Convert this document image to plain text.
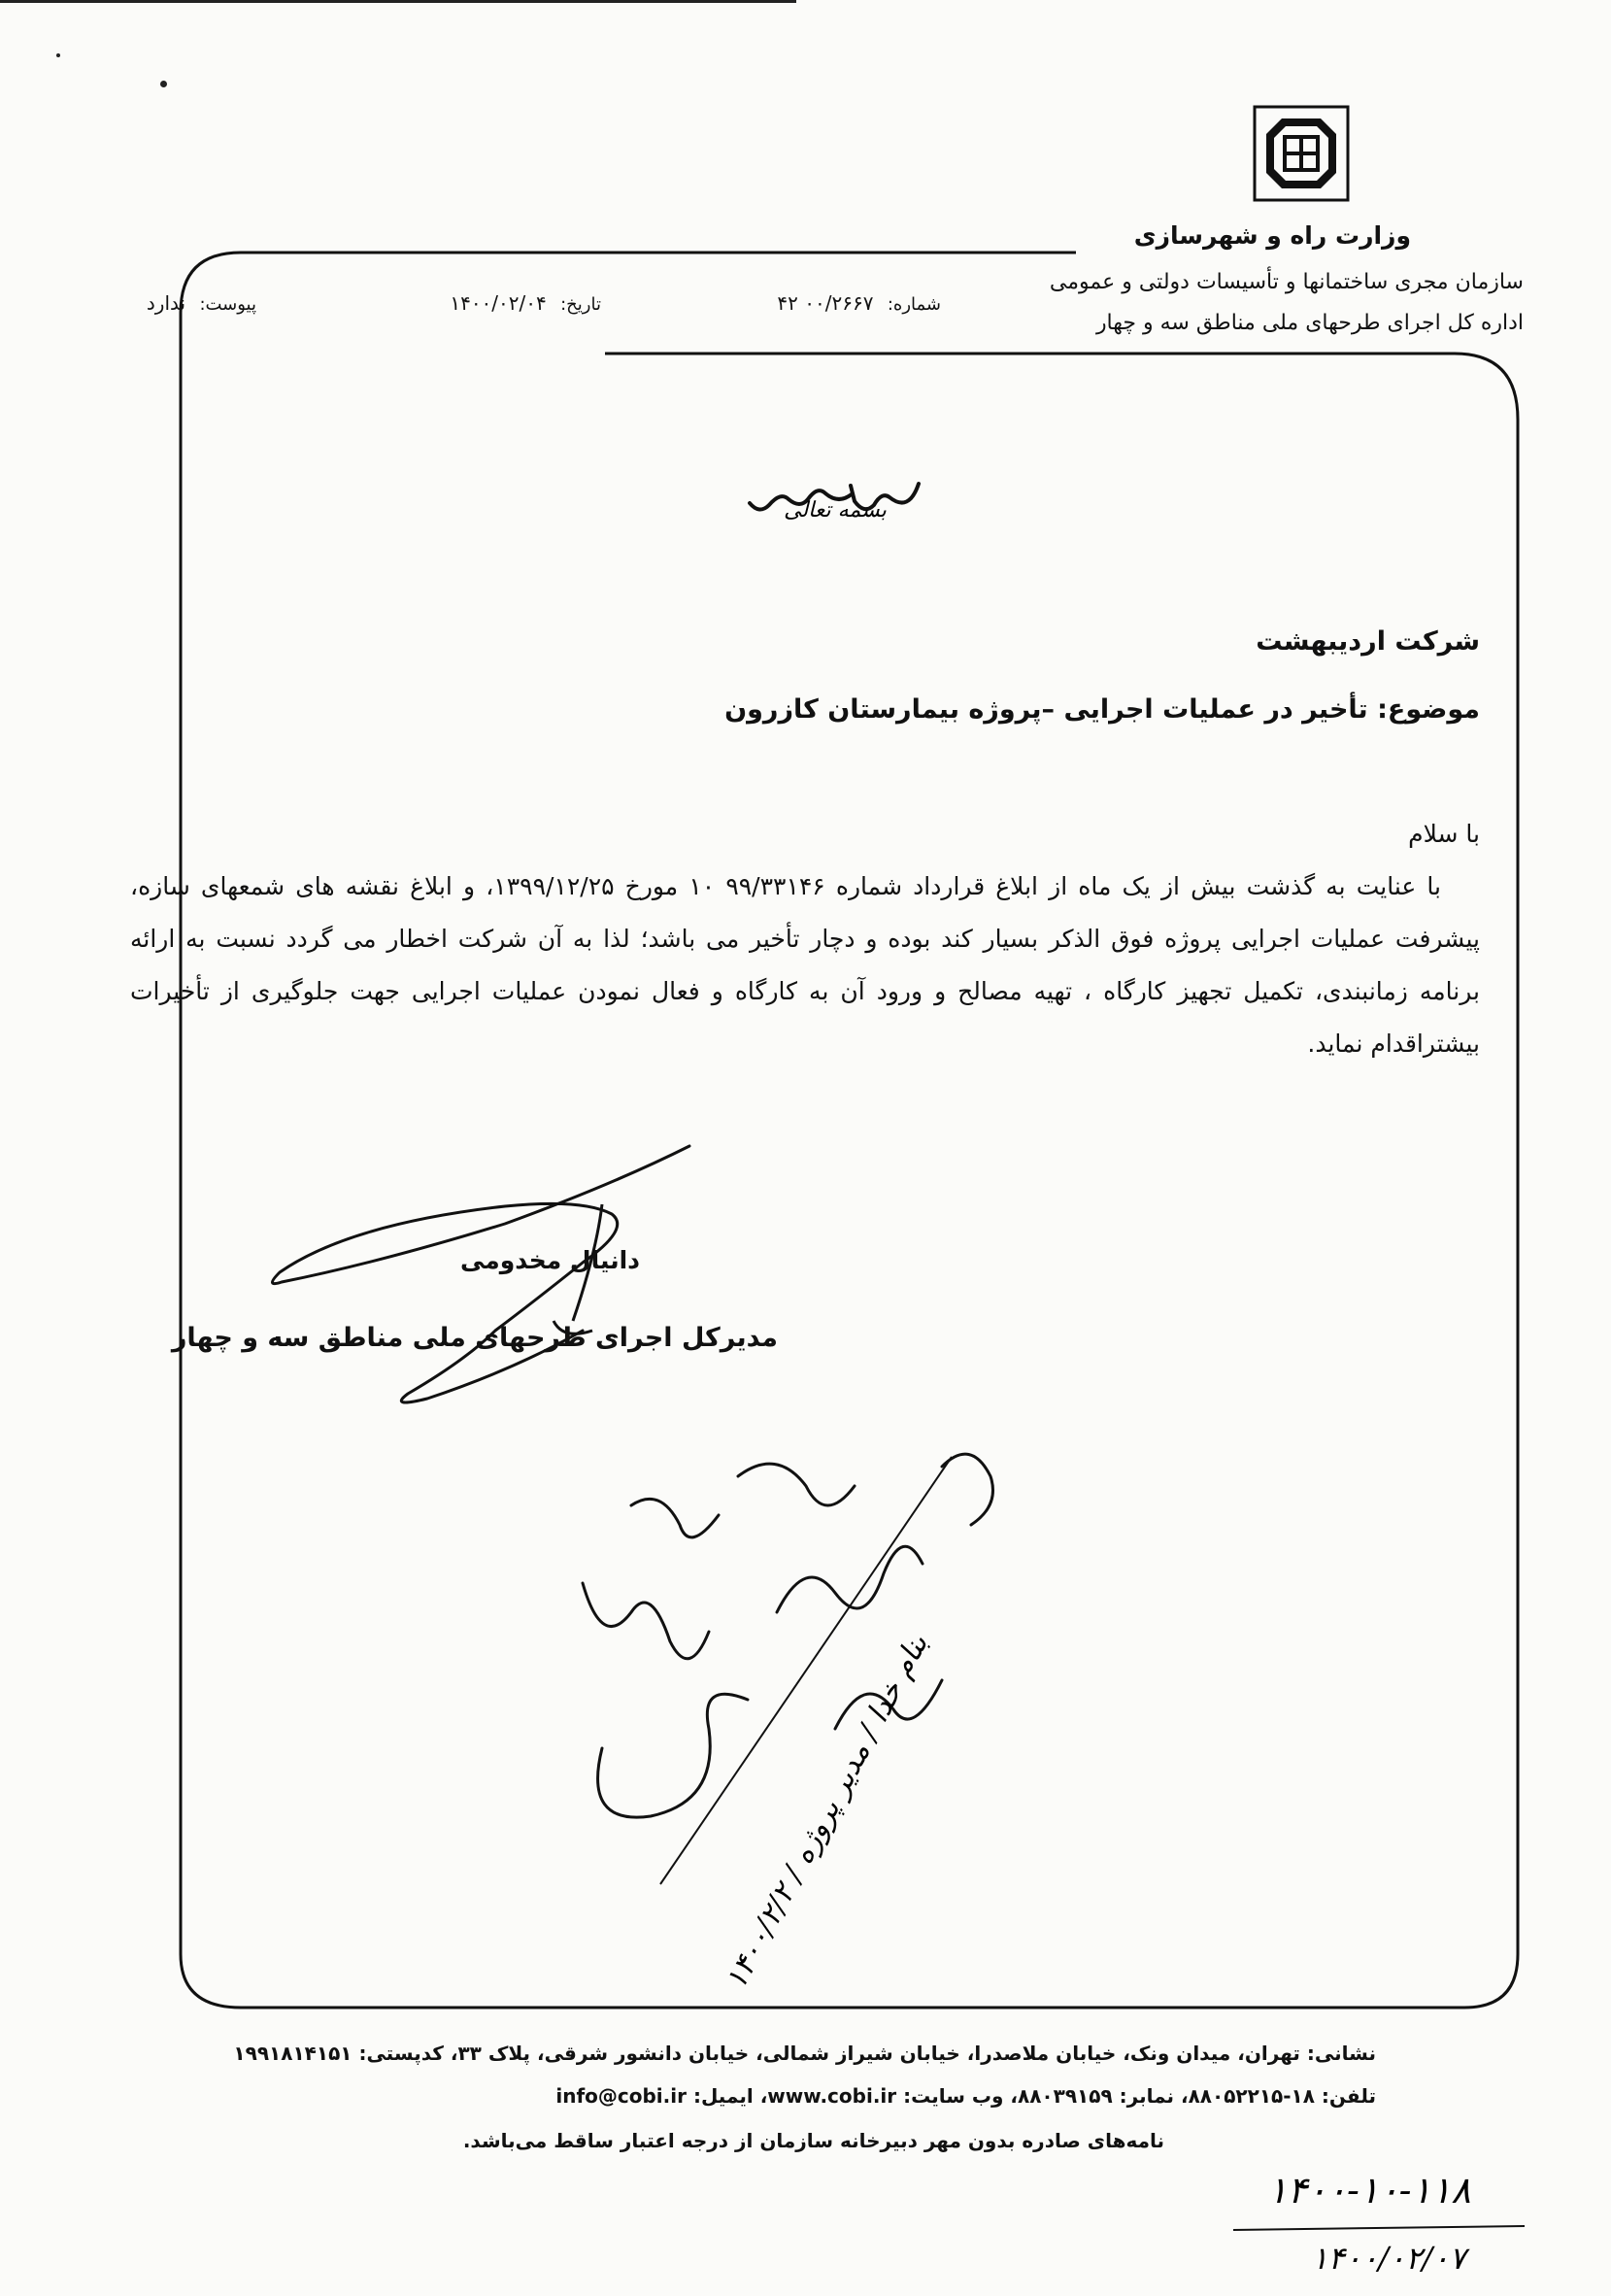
وزارت راه و شهرسازی
سازمان مجری ساختمانها و تأسیسات دولتی و عمومی
اداره کل اجرای طرحهای ملی مناطق سه و چهار
شماره: ۰۰/۲۶۶۷ ۴۲
تاریخ: ۱۴۰۰/۰۲/۰۴
پیوست: ندارد
بسمه تعالی
شرکت اردیبهشت
موضوع: تأخیر در عملیات اجرایی –پروژه بیمارستان کازرون

با سلام

با عنایت به گذشت بیش از یک ماه از ابلاغ قرارداد شماره ۹۹/۳۳۱۴۶ ۱۰ مورخ ۱۳۹۹/۱۲/۲۵، و ابلاغ نقشه های شمعهای سازه، پیشرفت عملیات اجرایی پروژه فوق الذکر بسیار کند بوده و دچار تأخیر می باشد؛ لذا به آن شرکت اخطار می گردد نسبت به ارائه برنامه زمانبندی، تکمیل تجهیز کارگاه ، تهیه مصالح و ورود آن به کارگاه و فعال نمودن عملیات اجرایی جهت جلوگیری از تأخیرات بیشتراقدام نماید.

دانیال مخدومی
مدیرکل اجرای طرحهای ملی مناطق سه و چهار
بنام خدا / مدیر پروژه / ۱۴۰۰/۲/۲
نشانی: تهران، میدان ونک، خیابان ملاصدرا، خیابان شیراز شمالی، خیابان دانشور شرقی، پلاک ۳۳، کدپستی: ۱۹۹۱۸۱۴۱۵۱
تلفن: ۱۸-۸۸۰۵۲۲۱۵، نمابر: ۸۸۰۳۹۱۵۹، وب سایت: www.cobi.ir، ایمیل: info@cobi.ir
نامه‌های صادره بدون مهر دبیرخانه سازمان از درجه اعتبار ساقط می‌باشد.
۱۴۰۰-۱۰-۱۱۸
۱۴۰۰/۰۲/۰۷
